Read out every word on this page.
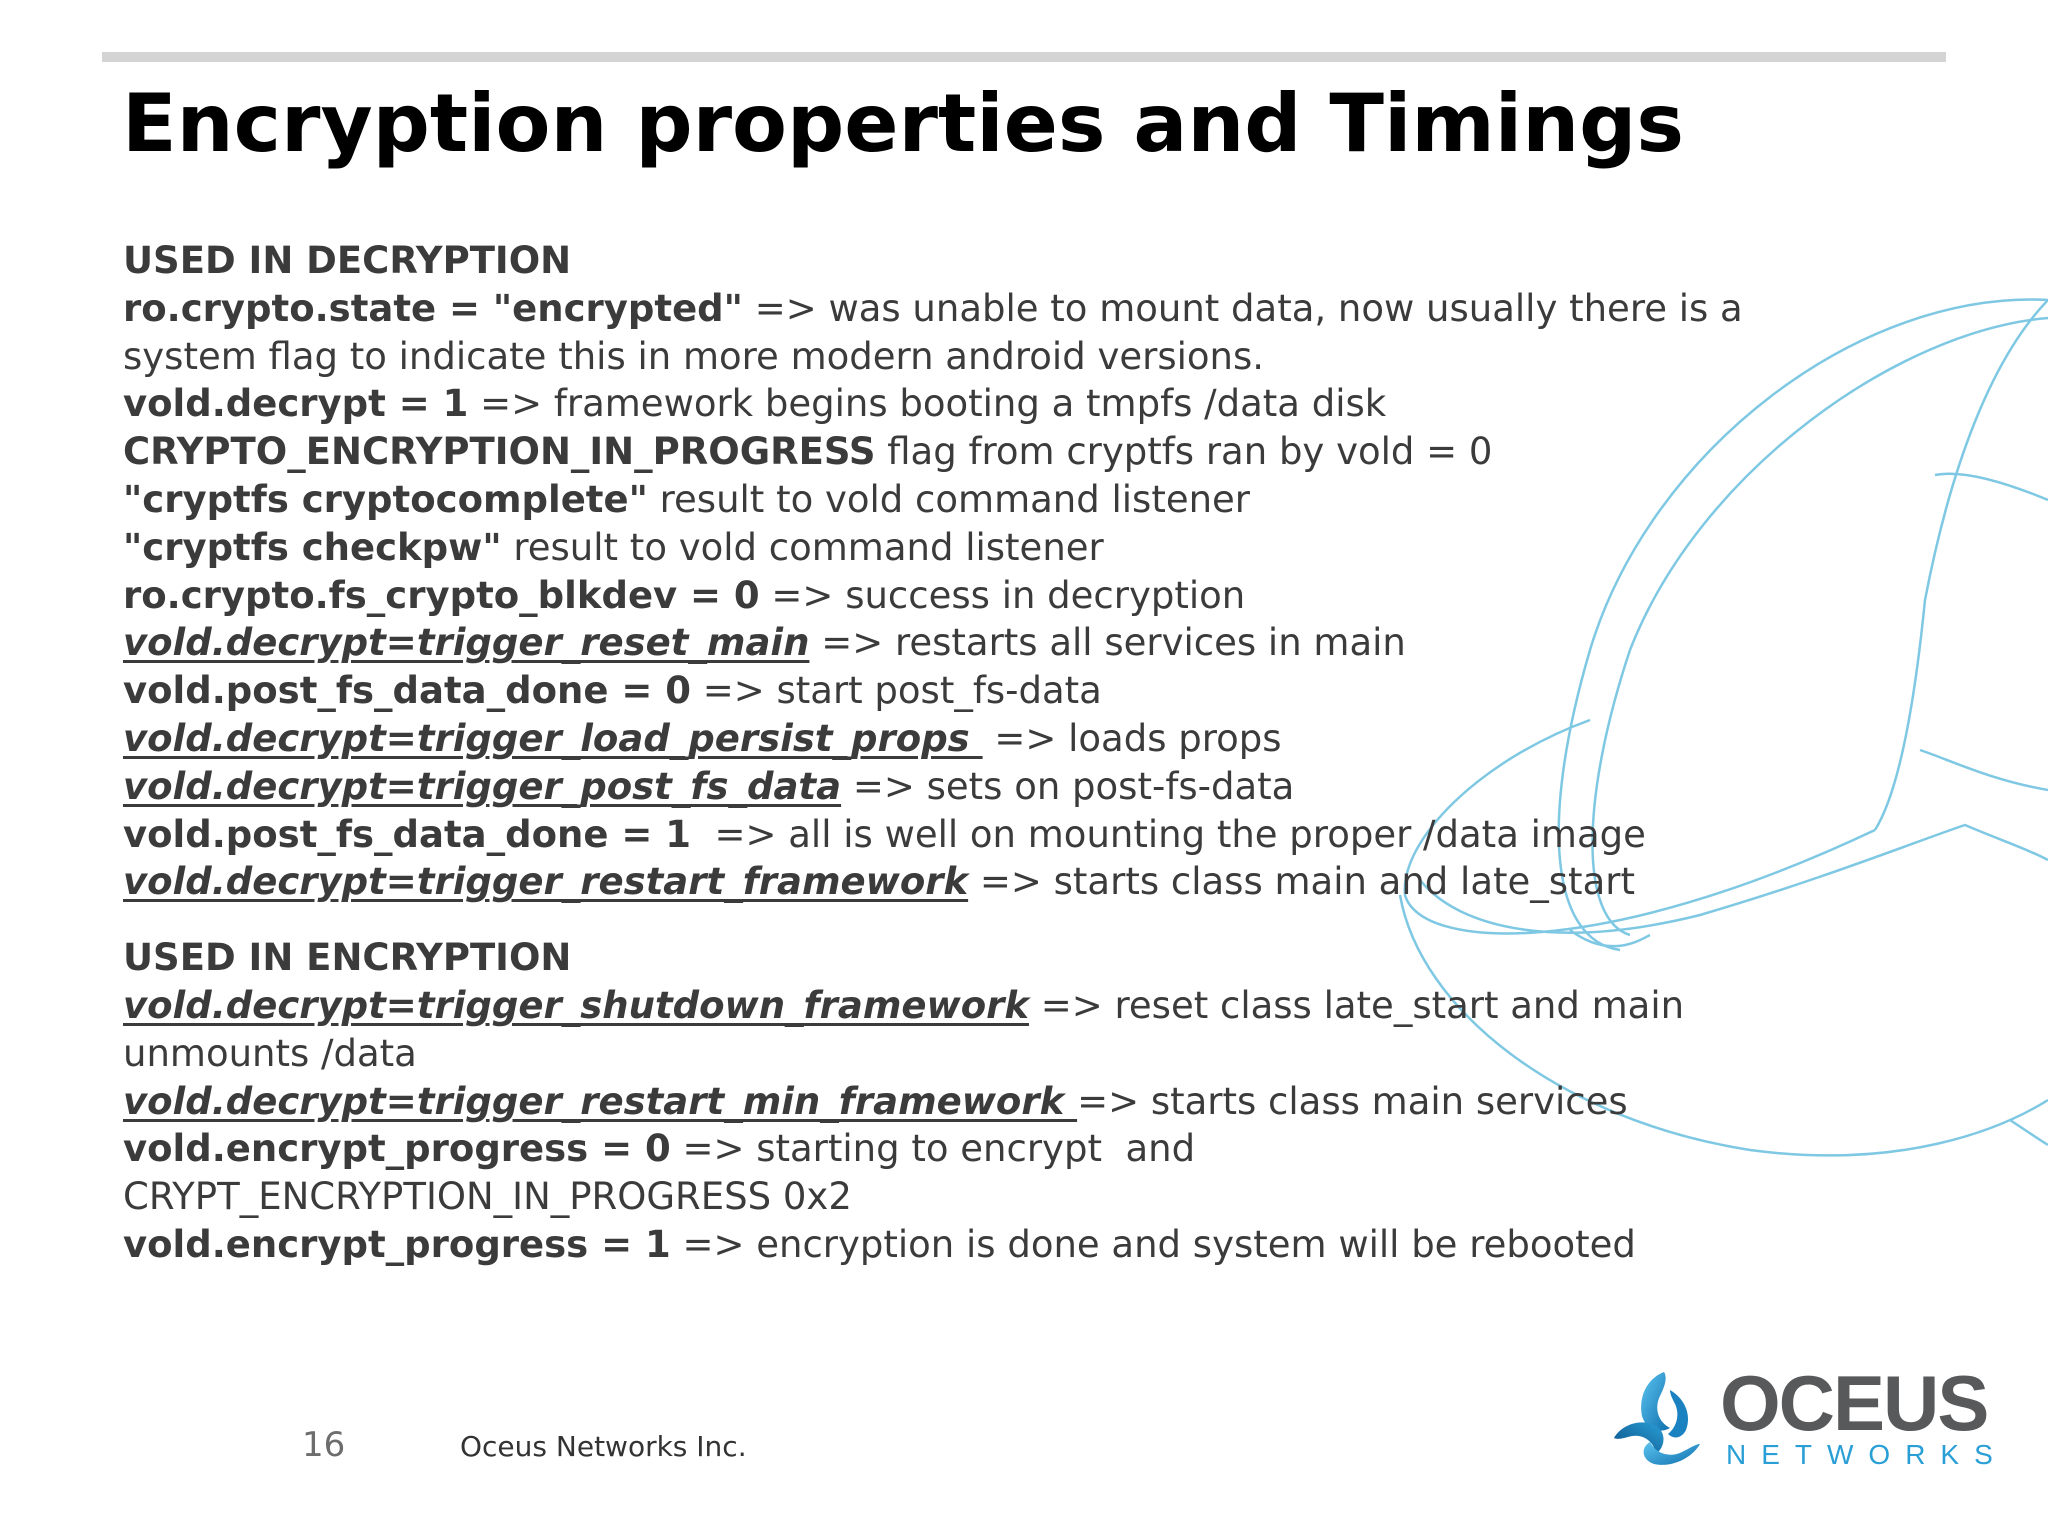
Encryption properties and Timings
USED IN DECRYPTION
ro.crypto.state = "encrypted" => was unable to mount data, now usually there is a
system flag to indicate this in more modern android versions.
vold.decrypt = 1 => framework begins booting a tmpfs /data disk
CRYPTO_ENCRYPTION_IN_PROGRESS flag from cryptfs ran by vold = 0
"cryptfs cryptocomplete" result to vold command listener
"cryptfs checkpw" result to vold command listener
ro.crypto.fs_crypto_blkdev = 0 => success in decryption
vold.decrypt=trigger_reset_main => restarts all services in main
vold.post_fs_data_done = 0 => start post_fs-data
vold.decrypt=trigger_load_persist_props  => loads props
vold.decrypt=trigger_post_fs_data => sets on post-fs-data
vold.post_fs_data_done = 1  => all is well on mounting the proper /data image
vold.decrypt=trigger_restart_framework => starts class main and late_start
USED IN ENCRYPTION
vold.decrypt=trigger_shutdown_framework => reset class late_start and main
unmounts /data
vold.decrypt=trigger_restart_min_framework => starts class main services
vold.encrypt_progress = 0 => starting to encrypt  and
CRYPT_ENCRYPTION_IN_PROGRESS 0x2
vold.encrypt_progress = 1 => encryption is done and system will be rebooted
16	Oceus Networks Inc.	OCEUS
NETWORKS
